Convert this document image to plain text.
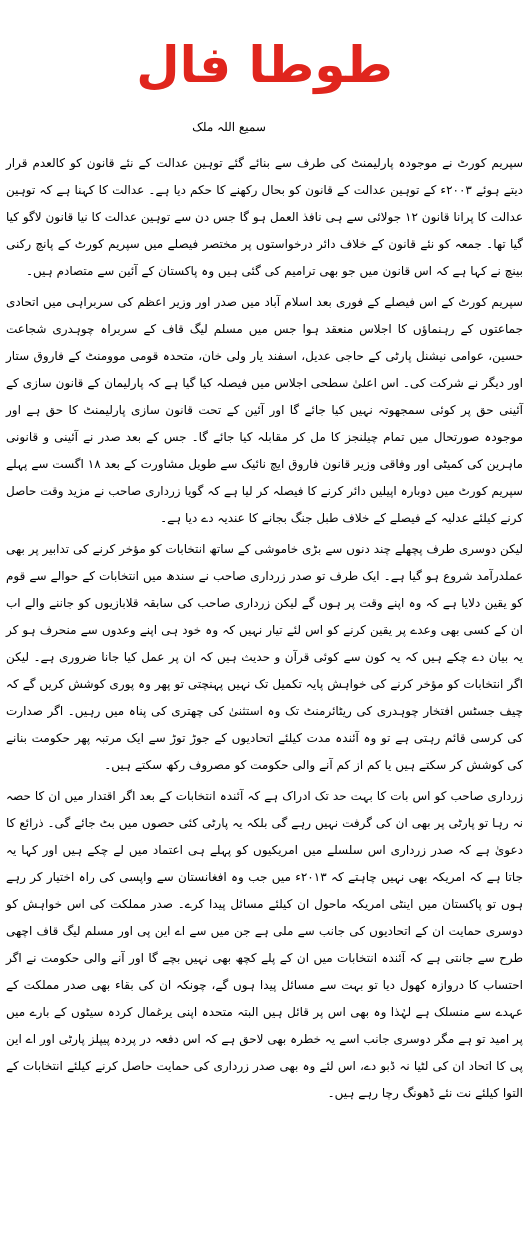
طوطا فال
سمیع اللہ ملک

سپریم کورٹ نے موجودہ پارلیمنٹ کی طرف سے بنائے گئے توہین عدالت کے نئے قانون کو کالعدم قرار دیتے ہوئے ۲۰۰۳ء کے توہین عدالت کے قانون کو بحال رکھنے کا حکم دیا ہے۔ عدالت کا کہنا ہے کہ توہین عدالت کا پرانا قانون ۱۲ جولائی سے ہی نافذ العمل ہو گا جس دن سے توہین عدالت کا نیا قانون لاگو کیا گیا تھا۔ جمعہ کو نئے قانون کے خلاف دائر درخواستوں پر مختصر فیصلے میں سپریم کورٹ کے پانچ رکنی بینچ نے کہا ہے کہ اس قانون میں جو بھی ترامیم کی گئی ہیں وہ پاکستان کے آئین سے متصادم ہیں۔

سپریم کورٹ کے اس فیصلے کے فوری بعد اسلام آباد میں صدر اور وزیر اعظم کی سربراہی میں اتحادی جماعتوں کے رہنماؤں کا اجلاس منعقد ہوا جس میں مسلم لیگ قاف کے سربراہ چوہدری شجاعت حسین، عوامی نیشنل پارٹی کے حاجی عدیل، اسفند یار ولی خان، متحدہ قومی موومنٹ کے فاروق ستار اور دیگر نے شرکت کی۔ اس اعلیٰ سطحی اجلاس میں فیصلہ کیا گیا ہے کہ پارلیمان کے قانون سازی کے آئینی حق پر کوئی سمجھوتہ نہیں کیا جائے گا اور آئین کے تحت قانون سازی پارلیمنٹ کا حق ہے اور موجودہ صورتحال میں تمام چیلنجز کا مل کر مقابلہ کیا جائے گا۔ جس کے بعد صدر نے آئینی و قانونی ماہرین کی کمیٹی اور وفاقی وزیر قانون فاروق ایچ نائیک سے طویل مشاورت کے بعد ۱۸ اگست سے پہلے سپریم کورٹ میں دوبارہ اپیلیں دائر کرنے کا فیصلہ کر لیا ہے کہ گویا زرداری صاحب نے مزید وقت حاصل کرنے کیلئے عدلیہ کے فیصلے کے خلاف طبل جنگ بجانے کا عندیہ دے دیا ہے۔

لیکن دوسری طرف پچھلے چند دنوں سے بڑی خاموشی کے ساتھ انتخابات کو مؤخر کرنے کی تدابیر پر بھی عملدرآمد شروع ہو گیا ہے۔ ایک طرف تو صدر زرداری صاحب نے سندھ میں انتخابات کے حوالے سے قوم کو یقین دلایا ہے کہ وہ اپنے وقت پر ہوں گے لیکن زرداری صاحب کی سابقہ قلابازیوں کو جاننے والے اب ان کے کسی بھی وعدے پر یقین کرنے کو اس لئے تیار نہیں کہ وہ خود ہی اپنے وعدوں سے منحرف ہو کر یہ بیان دے چکے ہیں کہ یہ کون سے کوئی قرآن و حدیث ہیں کہ ان پر عمل کیا جانا ضروری ہے۔ لیکن اگر انتخابات کو مؤخر کرنے کی خواہش پایہ تکمیل تک نہیں پہنچتی تو پھر وہ پوری کوشش کریں گے کہ چیف جسٹس افتخار چوہدری کی ریٹائرمنٹ تک وہ استثنیٰ کی چھتری کی پناہ میں رہیں۔ اگر صدارت کی کرسی قائم رہتی ہے تو وہ آئندہ مدت کیلئے اتحادیوں کے جوڑ توڑ سے ایک مرتبہ پھر حکومت بنانے کی کوشش کر سکتے ہیں یا کم از کم آنے والی حکومت کو مصروف رکھ سکتے ہیں۔

زرداری صاحب کو اس بات کا بہت حد تک ادراک ہے کہ آئندہ انتخابات کے بعد اگر اقتدار میں ان کا حصہ نہ رہا تو پارٹی پر بھی ان کی گرفت نہیں رہے گی بلکہ یہ پارٹی کئی حصوں میں بٹ جائے گی۔ ذرائع کا دعویٰ ہے کہ صدر زرداری اس سلسلے میں امریکیوں کو پہلے ہی اعتماد میں لے چکے ہیں اور کہا یہ جاتا ہے کہ امریکہ بھی نہیں چاہتے کہ ۲۰۱۳ء میں جب وہ افغانستان سے واپسی کی راہ اختیار کر رہے ہوں تو پاکستان میں اینٹی امریکہ ماحول ان کیلئے مسائل پیدا کرے۔ صدر مملکت کی اس خواہش کو دوسری حمایت ان کے اتحادیوں کی جانب سے ملی ہے جن میں سے اے این پی اور مسلم لیگ قاف اچھی طرح سے جانتی ہے کہ آئندہ انتخابات میں ان کے پلے کچھ بھی نہیں بچے گا اور آنے والی حکومت نے اگر احتساب کا دروازہ کھول دیا تو بہت سے مسائل پیدا ہوں گے، چونکہ ان کی بقاء بھی صدر مملکت کے عہدے سے منسلک ہے لہٰذا وہ بھی اس پر قائل ہیں البتہ متحدہ اپنی یرغمال کردہ سیٹوں کے بارے میں پر امید تو ہے مگر دوسری جانب اسے یہ خطرہ بھی لاحق ہے کہ اس دفعہ در پردہ پیپلز پارٹی اور اے این پی کا اتحاد ان کی لٹیا نہ ڈبو دے، اس لئے وہ بھی صدر زرداری کی حمایت حاصل کرنے کیلئے انتخابات کے التوا کیلئے نت نئے ڈھونگ رچا رہے ہیں۔
